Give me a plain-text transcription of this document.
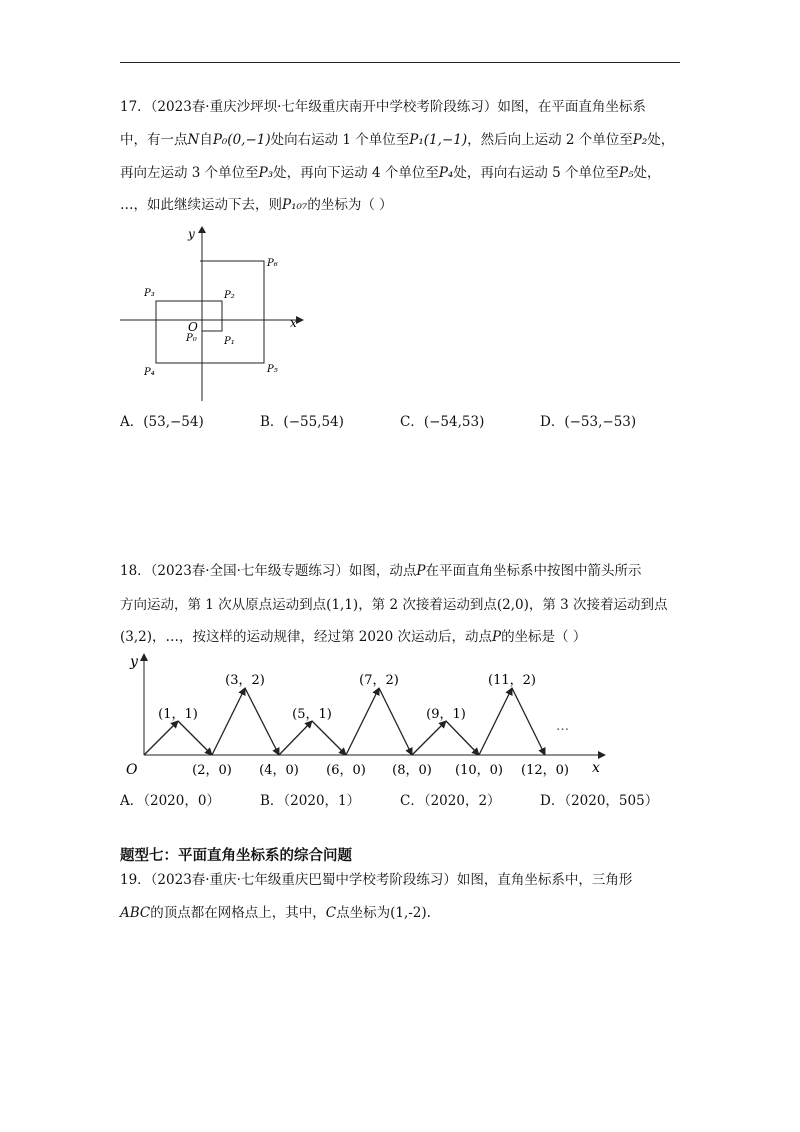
17．（2023春·重庆沙坪坝·七年级重庆南开中学校考阶段练习）如图，在平面直角坐标系
中，有一点N自P₀(0,−1)处向右运动 1 个单位至P₁(1,−1)，然后向上运动 2 个单位至P₂处，
再向左运动 3 个单位至P₃处，再向下运动 4 个单位至P₄处，再向右运动 5 个单位至P₅处，
…，如此继续运动下去，则P₁₀₇的坐标为（ ）
y
x
O
P₆
P₃	P₂
P₀	P₁
P₄	P₅
A．(53,−54)	B．(−55,54)	C．(−54,53)	D．(−53,−53)
18．（2023春·全国·七年级专题练习）如图，动点P在平面直角坐标系中按图中箭头所示
方向运动，第 1 次从原点运动到点(1,1)，第 2 次接着运动到点(2,0)，第 3 次接着运动到点
(3,2)，…，按这样的运动规律，经过第 2020 次运动后，动点P的坐标是（ ）
y
x
O
…
(1，1)
(3，2)
(5，1)
(7，2)
(9，1)
(11，2)
(2，0) (4，0) (6，0) (8，0) (10，0) (12，0)
A．（2020，0）	B．（2020，1）	C．（2020，2）	D．（2020，505）
题型七：平面直角坐标系的综合问题
19．（2023春·重庆·七年级重庆巴蜀中学校考阶段练习）如图，直角坐标系中，三角形
ABC的顶点都在网格点上，其中，C点坐标为(1,-2).
